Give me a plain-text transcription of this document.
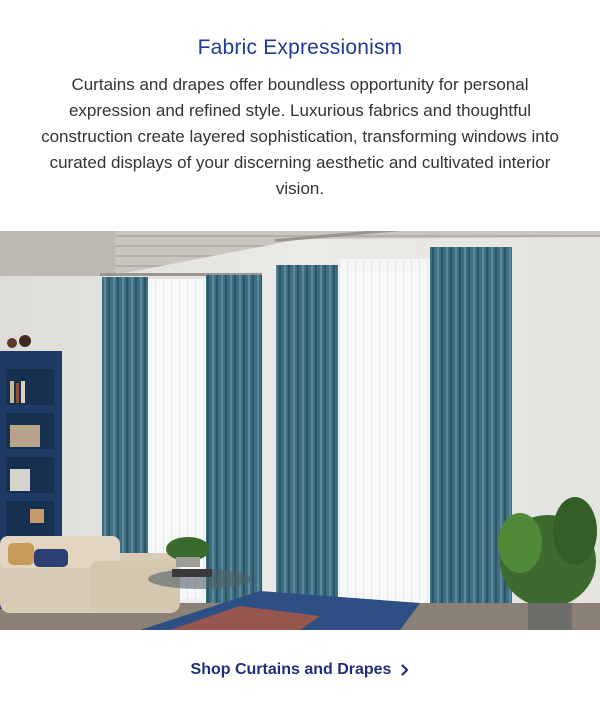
Fabric Expressionism

Curtains and drapes offer boundless opportunity for personal expression and refined style. Luxurious fabrics and thoughtful construction create layered sophistication, transforming windows into curated displays of your discerning aesthetic and cultivated interior vision.

Shop Curtains and Drapes
